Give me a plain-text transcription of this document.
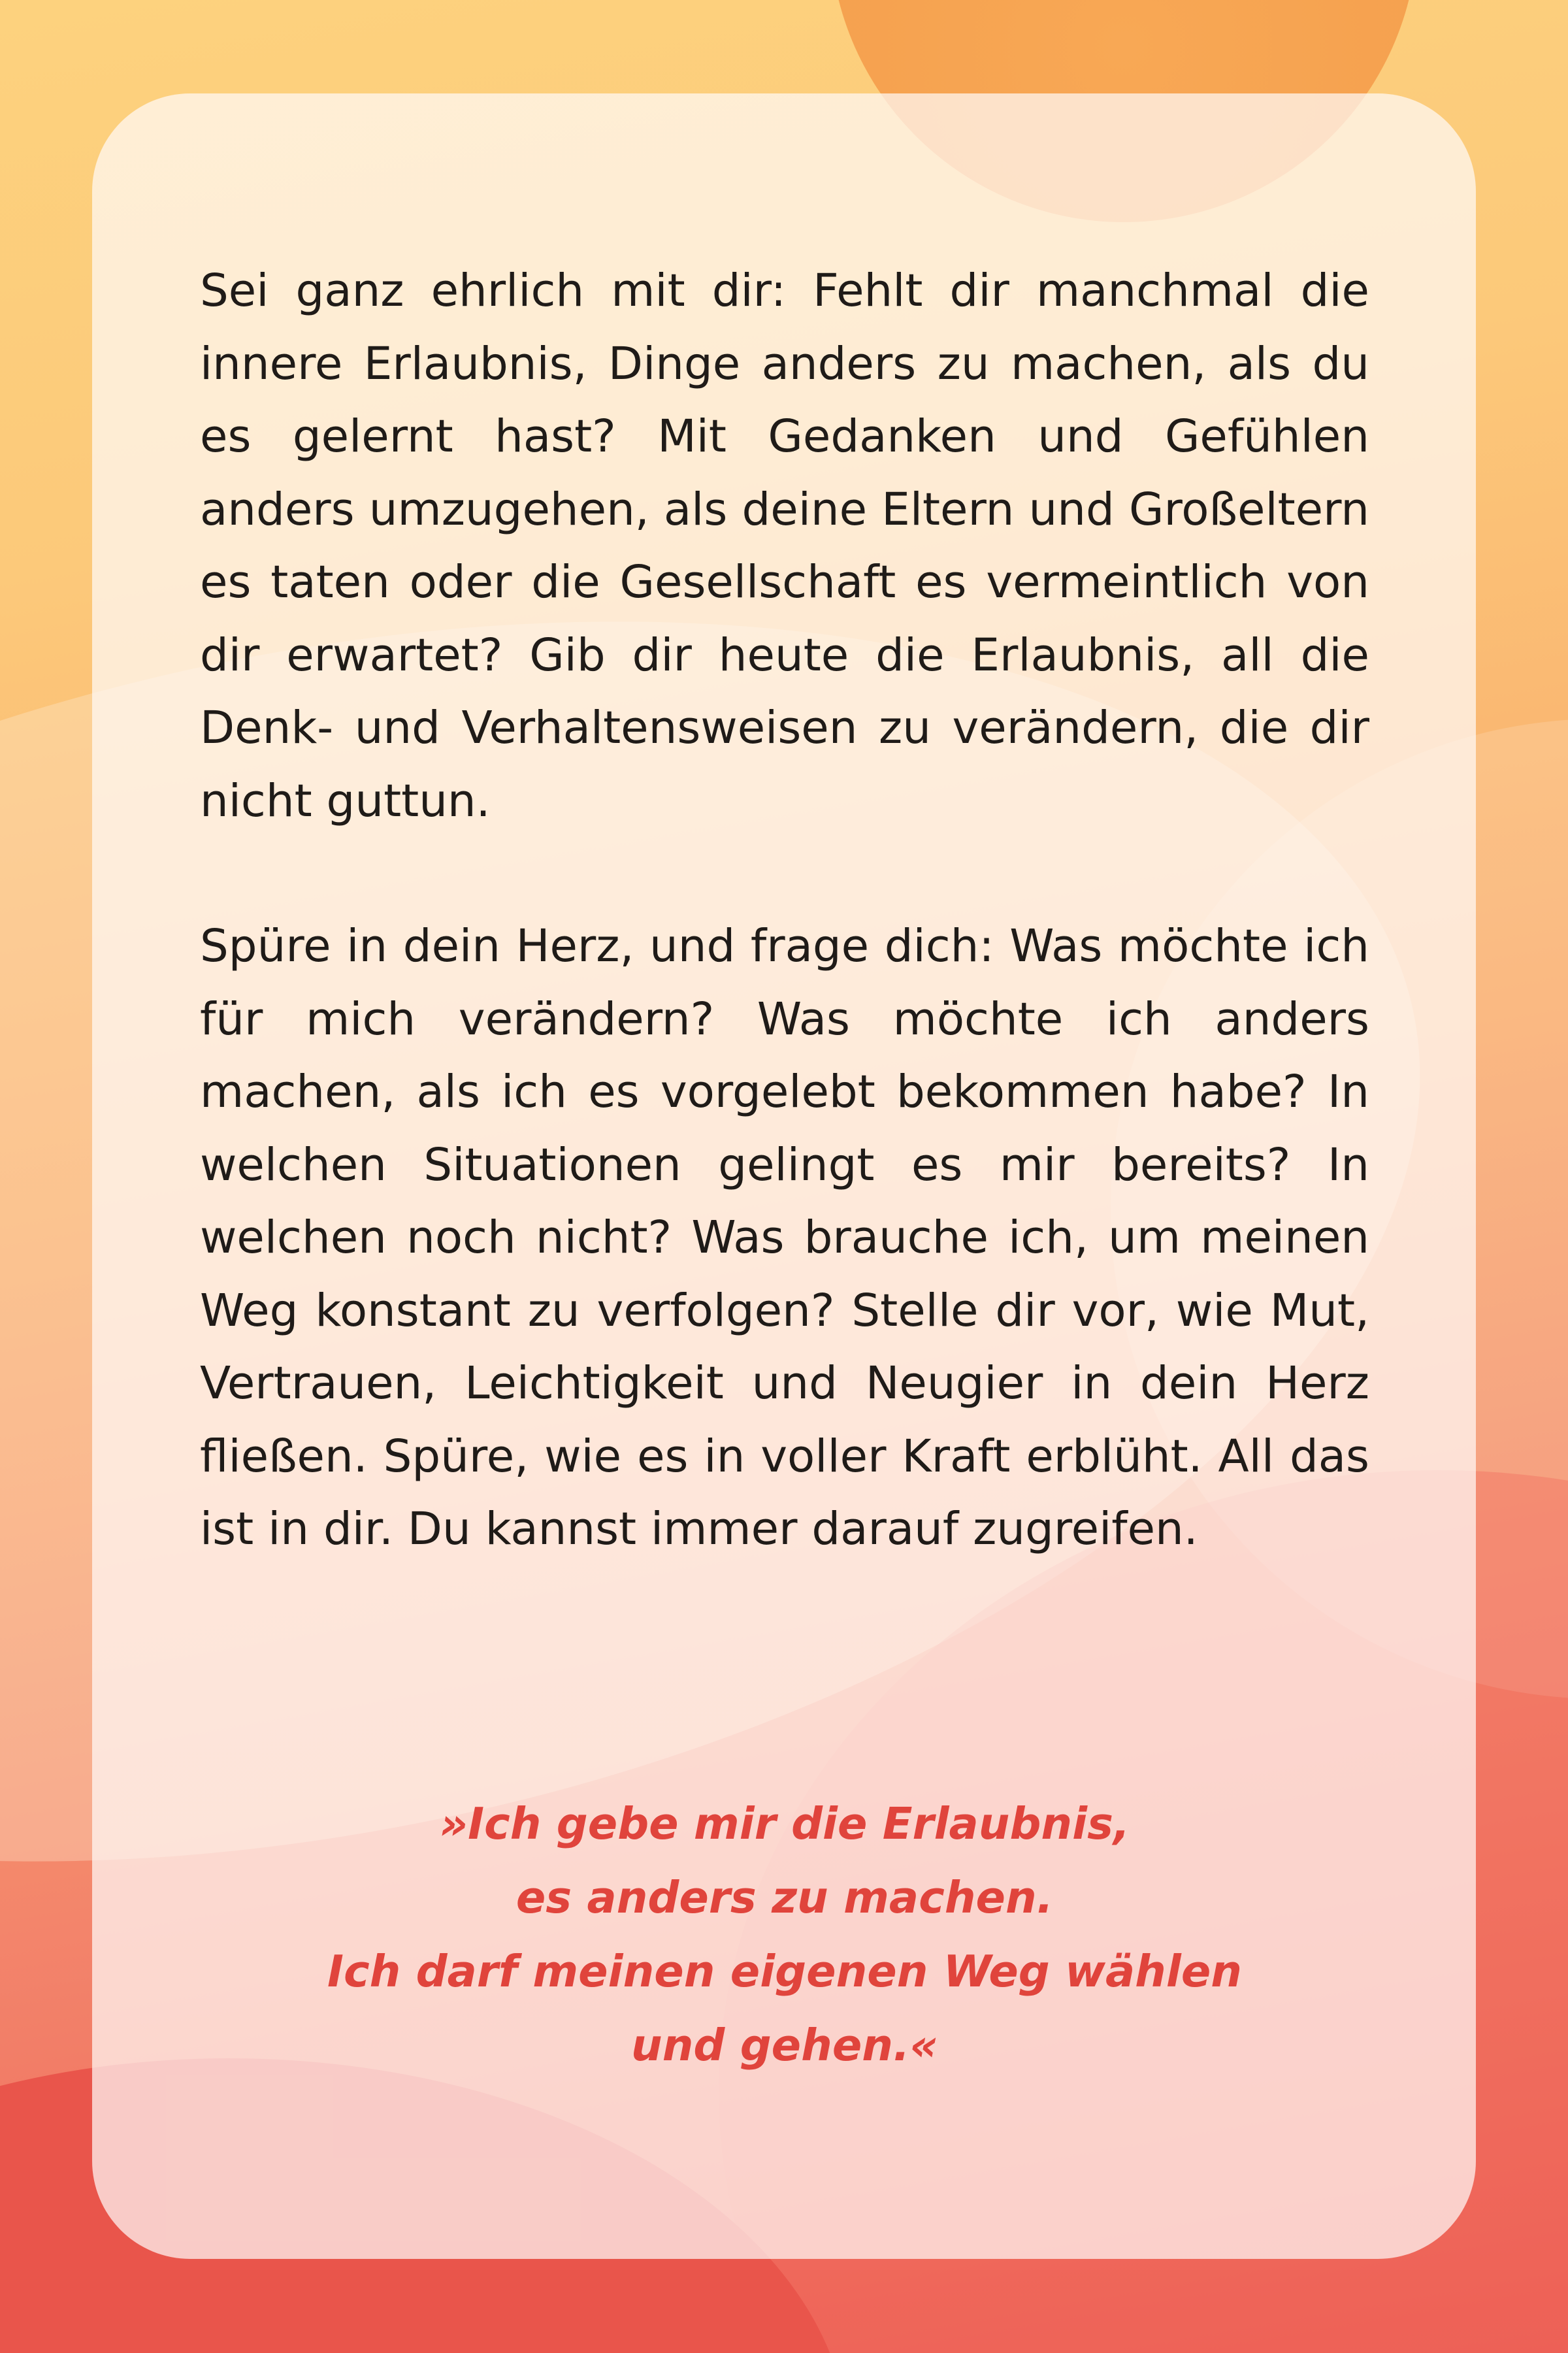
Sei ganz ehrlich mit dir: Fehlt dir manchmal die innere Erlaubnis, Dinge anders zu machen, als du es gelernt hast? Mit Gedanken und Gefühlen anders umzugehen, als deine Eltern und Großeltern es taten oder die Gesellschaft es vermeintlich von dir erwartet? Gib dir heute die Erlaubnis, all die Denk- und Verhaltensweisen zu verändern, die dir nicht guttun.

Spüre in dein Herz, und frage dich: Was möchte ich für mich verändern? Was möchte ich anders machen, als ich es vorgelebt bekommen habe? In welchen Situationen gelingt es mir bereits? In welchen noch nicht? Was brauche ich, um meinen Weg konstant zu verfolgen? Stelle dir vor, wie Mut, Vertrauen, Leichtigkeit und Neugier in dein Herz fließen. Spüre, wie es in voller Kraft erblüht. All das ist in dir. Du kannst immer darauf zugreifen.

»Ich gebe mir die Erlaubnis,
es anders zu machen.
Ich darf meinen eigenen Weg wählen
und gehen.«
